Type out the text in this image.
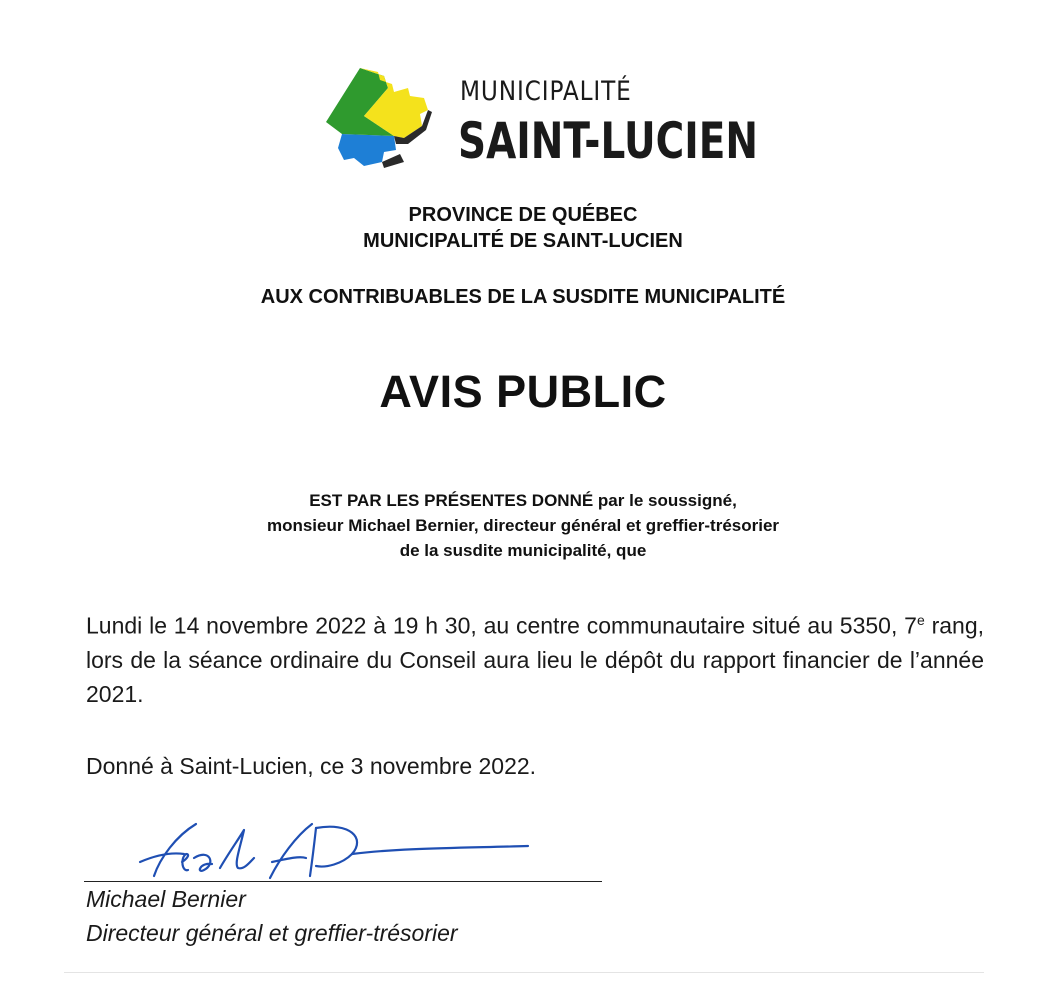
MUNICIPALITÉ
SAINT-LUCIEN
PROVINCE DE QUÉBEC
MUNICIPALITÉ DE SAINT-LUCIEN
AUX CONTRIBUABLES DE LA SUSDITE MUNICIPALITÉ
AVIS PUBLIC
EST PAR LES PRÉSENTES DONNÉ par le soussigné,
monsieur Michael Bernier, directeur général et greffier-trésorier
de la susdite municipalité, que
Lundi le 14 novembre 2022 à 19 h 30, au centre communautaire situé au 5350, 7e rang, lors de la séance ordinaire du Conseil aura lieu le dépôt du rapport financier de l’année 2021.
Donné à Saint-Lucien, ce 3 novembre 2022.
Michael Bernier
Directeur général et greffier-trésorier
